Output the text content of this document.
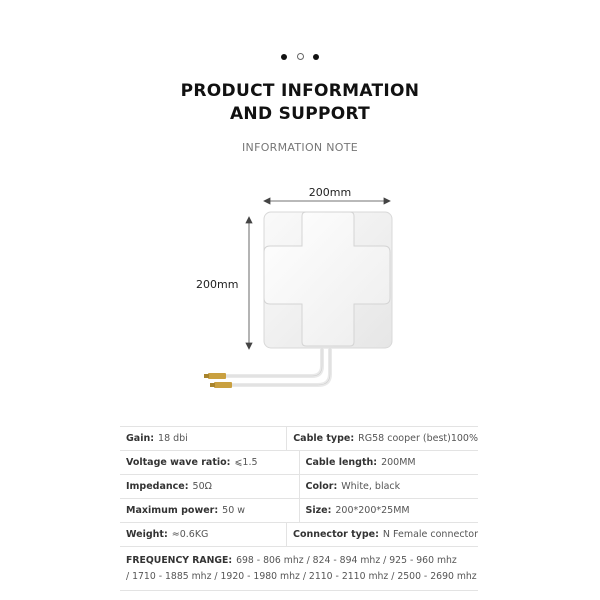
PRODUCT INFORMATION
AND SUPPORT
INFORMATION NOTE
200mm
200mm
Gain: 18 dbi	Cable type: RG58 cooper (best)100%
Voltage wave ratio: ⩽1.5	Cable length: 200MM
Impedance: 50Ω	Color: White, black
Maximum power: 50 w	Size: 200*200*25MM
Weight: ≈0.6KG	Connector type: N Female connector
FREQUENCY RANGE: 698 - 806 mhz / 824 - 894 mhz / 925 - 960 mhz
/ 1710 - 1885 mhz / 1920 - 1980 mhz / 2110 - 2110 mhz / 2500 - 2690 mhz
